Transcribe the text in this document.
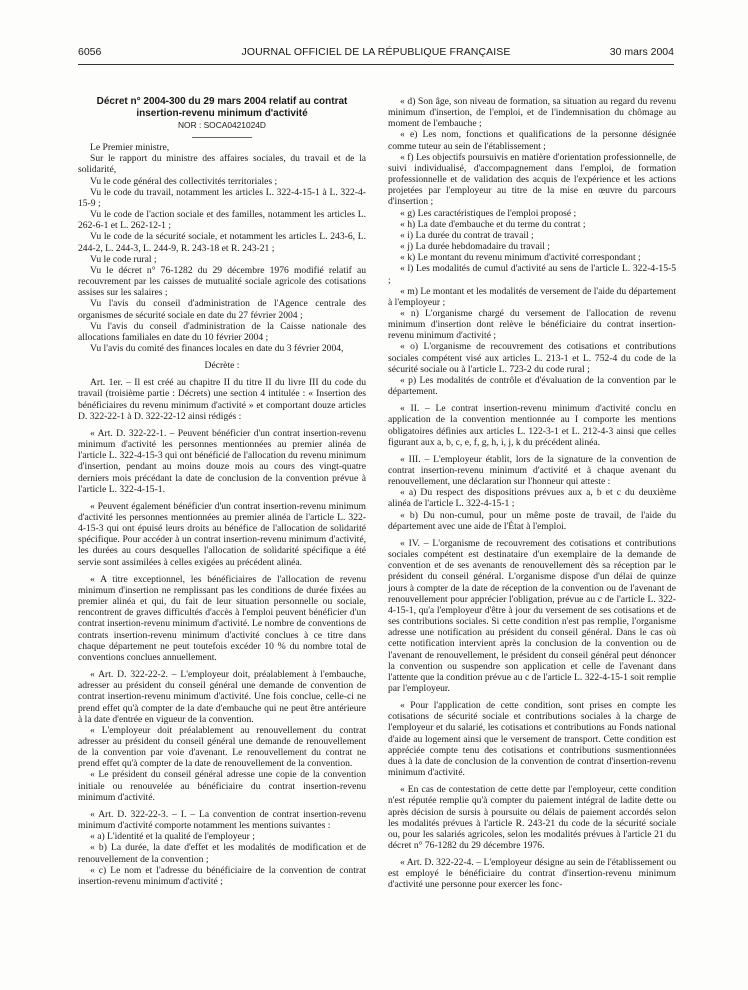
6056	JOURNAL OFFICIEL DE LA RÉPUBLIQUE FRANÇAISE	30 mars 2004

Décret n° 2004-300 du 29 mars 2004 relatif au contrat

insertion-revenu minimum d'activité

NOR : SOCA0421024D

Le Premier ministre,

Sur le rapport du ministre des affaires sociales, du travail et de la solidarité,

Vu le code général des collectivités territoriales ;

Vu le code du travail, notamment les articles L. 322-4-15-1 à L. 322-4-15-9 ;

Vu le code de l'action sociale et des familles, notamment les articles L. 262-6-1 et L. 262-12-1 ;

Vu le code de la sécurité sociale, et notamment les articles L. 243-6, L. 244-2, L. 244-3, L. 244-9, R. 243-18 et R. 243-21 ;

Vu le code rural ;

Vu le décret n° 76-1282 du 29 décembre 1976 modifié relatif au recouvrement par les caisses de mutualité sociale agricole des cotisations assises sur les salaires ;

Vu l'avis du conseil d'administration de l'Agence centrale des organismes de sécurité sociale en date du 27 février 2004 ;

Vu l'avis du conseil d'administration de la Caisse nationale des allocations familiales en date du 10 février 2004 ;

Vu l'avis du comité des finances locales en date du 3 février 2004,

Décrète :

Art. 1er. – Il est créé au chapitre II du titre II du livre III du code du travail (troisième partie : Décrets) une section 4 intitulée : « Insertion des bénéficiaires du revenu minimum d'activité » et comportant douze articles D. 322-22-1 à D. 322-22-12 ainsi rédigés :

« Art. D. 322-22-1. – Peuvent bénéficier d'un contrat insertion-revenu minimum d'activité les personnes mentionnées au premier alinéa de l'article L. 322-4-15-3 qui ont bénéficié de l'allocation du revenu minimum d'insertion, pendant au moins douze mois au cours des vingt-quatre derniers mois précédant la date de conclusion de la convention prévue à l'article L. 322-4-15-1.

« Peuvent également bénéficier d'un contrat insertion-revenu minimum d'activité les personnes mentionnées au premier alinéa de l'article L. 322-4-15-3 qui ont épuisé leurs droits au bénéfice de l'allocation de solidarité spécifique. Pour accéder à un contrat insertion-revenu minimum d'activité, les durées au cours desquelles l'allocation de solidarité spécifique a été servie sont assimilées à celles exigées au précédent alinéa.

« A titre exceptionnel, les bénéficiaires de l'allocation de revenu minimum d'insertion ne remplissant pas les conditions de durée fixées au premier alinéa et qui, du fait de leur situation personnelle ou sociale, rencontrent de graves difficultés d'accès à l'emploi peuvent bénéficier d'un contrat insertion-revenu minimum d'activité. Le nombre de conventions de contrats insertion-revenu minimum d'activité conclues à ce titre dans chaque département ne peut toutefois excéder 10 % du nombre total de conventions conclues annuellement.

« Art. D. 322-22-2. – L'employeur doit, préalablement à l'embauche, adresser au président du conseil général une demande de convention de contrat insertion-revenu minimum d'activité. Une fois conclue, celle-ci ne prend effet qu'à compter de la date d'embauche qui ne peut être antérieure à la date d'entrée en vigueur de la convention.

« L'employeur doit préalablement au renouvellement du contrat adresser au président du conseil général une demande de renouvellement de la convention par voie d'avenant. Le renouvellement du contrat ne prend effet qu'à compter de la date de renouvellement de la convention.

« Le président du conseil général adresse une copie de la convention initiale ou renouvelée au bénéficiaire du contrat insertion-revenu minimum d'activité.

« Art. D. 322-22-3. – I. – La convention de contrat insertion-revenu minimum d'activité comporte notamment les mentions suivantes :

« a) L'identité et la qualité de l'employeur ;

« b) La durée, la date d'effet et les modalités de modification et de renouvellement de la convention ;

« c) Le nom et l'adresse du bénéficiaire de la convention de contrat insertion-revenu minimum d'activité ;

« d) Son âge, son niveau de formation, sa situation au regard du revenu minimum d'insertion, de l'emploi, et de l'indemnisation du chômage au moment de l'embauche ;

« e) Les nom, fonctions et qualifications de la personne désignée comme tuteur au sein de l'établissement ;

« f) Les objectifs poursuivis en matière d'orientation professionnelle, de suivi individualisé, d'accompagnement dans l'emploi, de formation professionnelle et de validation des acquis de l'expérience et les actions projetées par l'employeur au titre de la mise en œuvre du parcours d'insertion ;

« g) Les caractéristiques de l'emploi proposé ;

« h) La date d'embauche et du terme du contrat ;

« i) La durée du contrat de travail ;

« j) La durée hebdomadaire du travail ;

« k) Le montant du revenu minimum d'activité correspondant ;

« l) Les modalités de cumul d'activité au sens de l'article L. 322-4-15-5 ;

« m) Le montant et les modalités de versement de l'aide du département à l'employeur ;

« n) L'organisme chargé du versement de l'allocation de revenu minimum d'insertion dont relève le bénéficiaire du contrat insertion-revenu minimum d'activité ;

« o) L'organisme de recouvrement des cotisations et contributions sociales compétent visé aux articles L. 213-1 et L. 752-4 du code de la sécurité sociale ou à l'article L. 723-2 du code rural ;

« p) Les modalités de contrôle et d'évaluation de la convention par le département.

« II. – Le contrat insertion-revenu minimum d'activité conclu en application de la convention mentionnée au I comporte les mentions obligatoires définies aux articles L. 122-3-1 et L. 212-4-3 ainsi que celles figurant aux a, b, c, e, f, g, h, i, j, k du précédent alinéa.

« III. – L'employeur établit, lors de la signature de la convention de contrat insertion-revenu minimum d'activité et à chaque avenant du renouvellement, une déclaration sur l'honneur qui atteste :

« a) Du respect des dispositions prévues aux a, b et c du deuxième alinéa de l'article L. 322-4-15-1 ;

« b) Du non-cumul, pour un même poste de travail, de l'aide du département avec une aide de l'État à l'emploi.

« IV. – L'organisme de recouvrement des cotisations et contributions sociales compétent est destinataire d'un exemplaire de la demande de convention et de ses avenants de renouvellement dès sa réception par le président du conseil général. L'organisme dispose d'un délai de quinze jours à compter de la date de réception de la convention ou de l'avenant de renouvellement pour apprécier l'obligation, prévue au c de l'article L. 322-4-15-1, qu'a l'employeur d'être à jour du versement de ses cotisations et de ses contributions sociales. Si cette condition n'est pas remplie, l'organisme adresse une notification au président du conseil général. Dans le cas où cette notification intervient après la conclusion de la convention ou de l'avenant de renouvellement, le président du conseil général peut dénoncer la convention ou suspendre son application et celle de l'avenant dans l'attente que la condition prévue au c de l'article L. 322-4-15-1 soit remplie par l'employeur.

« Pour l'application de cette condition, sont prises en compte les cotisations de sécurité sociale et contributions sociales à la charge de l'employeur et du salarié, les cotisations et contributions au Fonds national d'aide au logement ainsi que le versement de transport. Cette condition est appréciée compte tenu des cotisations et contributions susmentionnées dues à la date de conclusion de la convention de contrat d'insertion-revenu minimum d'activité.

« En cas de contestation de cette dette par l'employeur, cette condition n'est réputée remplie qu'à compter du paiement intégral de ladite dette ou après décision de sursis à poursuite ou délais de paiement accordés selon les modalités prévues à l'article R. 243-21 du code de la sécurité sociale ou, pour les salariés agricoles, selon les modalités prévues à l'article 21 du décret n° 76-1282 du 29 décembre 1976.

« Art. D. 322-22-4. – L'employeur désigne au sein de l'établissement ou est employé le bénéficiaire du contrat d'insertion-revenu minimum d'activité une personne pour exercer les fonc-
